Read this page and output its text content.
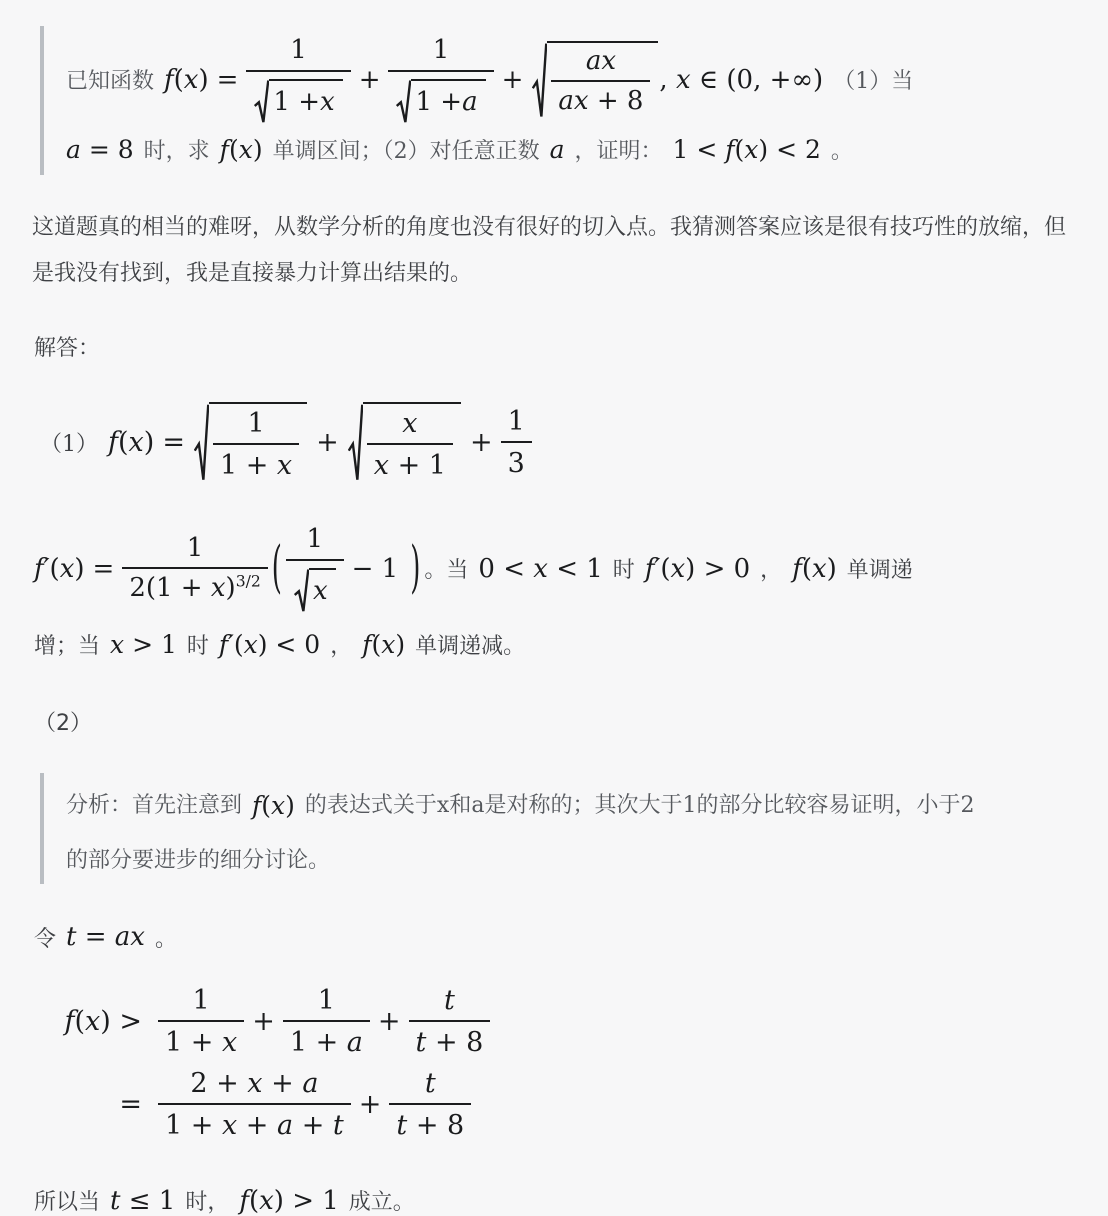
已知函数 $f(x) = \frac{1}{1 + x} + \frac{1}{1 + a} + \frac{ax}{ax + 8}$ , x ∈ (0, +∞) （1）当
a = 8 时，求 f(x) 单调区间；（2）对任意正数 a ，证明： 1 < f(x) < 2 。

这道题真的相当的难呀，从数学分析的角度也没有很好的切入点。我猜测答案应该是很有技巧性的放缩，但是我没有找到，我是直接暴力计算出结果的。

解答：
（1） $f(x) = \frac{1}{1 + x} + \frac{x}{x + 1} + \frac{1}{3}$
$f'(x) = \frac{1}{2(1 + x)^{3/2}}$ ( $\frac{1}{x} - 1$ ) 。 当 0 < x < 1 时 f′(x) > 0 ， f(x) 单调递
增；当 x > 1 时 f′(x) < 0 ， f(x) 单调递减。
（2）
分析：首先注意到 f(x) 的表达式关于x和a是对称的；其次大于1的部分比较容易证明，小于2
的部分要进步的细分讨论。
令 t = ax 。
f ( x ) > $\frac{1}{1 + x} + \frac{1}{1 + a} + \frac{t}{t + 8}$
= $\frac{2 + x + a}{1 + x + a + t} + \frac{t}{t + 8}$
所以当 t ≤ 1 时， f(x) > 1 成立。
